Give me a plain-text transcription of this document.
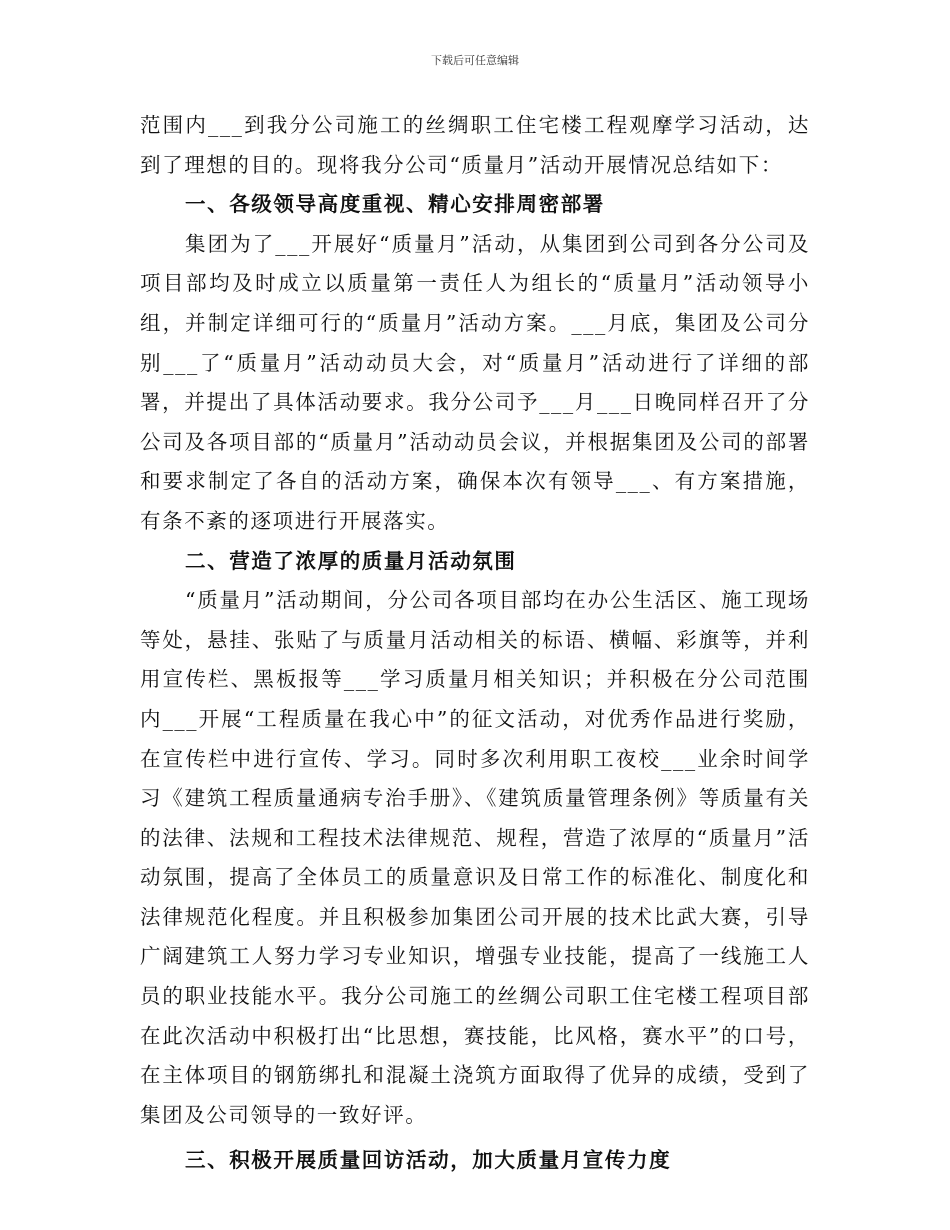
下载后可任意编辑

范围内___到我分公司施工的丝绸职工住宅楼工程观摩学习活动，达到了理想的目的。现将我分公司“质量月”活动开展情况总结如下：

一、各级领导高度重视、精心安排周密部署

集团为了___开展好“质量月”活动，从集团到公司到各分公司及项目部均及时成立以质量第一责任人为组长的“质量月”活动领导小组，并制定详细可行的“质量月”活动方案。___月底，集团及公司分别___了“质量月”活动动员大会，对“质量月”活动进行了详细的部署，并提出了具体活动要求。我分公司予___月___日晚同样召开了分公司及各项目部的“质量月”活动动员会议，并根据集团及公司的部署和要求制定了各自的活动方案，确保本次有领导___、有方案措施，有条不紊的逐项进行开展落实。

二、营造了浓厚的质量月活动氛围

“质量月”活动期间，分公司各项目部均在办公生活区、施工现场等处，悬挂、张贴了与质量月活动相关的标语、横幅、彩旗等，并利用宣传栏、黑板报等___学习质量月相关知识；并积极在分公司范围内___开展“工程质量在我心中”的征文活动，对优秀作品进行奖励，在宣传栏中进行宣传、学习。同时多次利用职工夜校___业余时间学习《建筑工程质量通病专治手册》、《建筑质量管理条例》等质量有关的法律、法规和工程技术法律规范、规程，营造了浓厚的“质量月”活动氛围，提高了全体员工的质量意识及日常工作的标准化、制度化和法律规范化程度。并且积极参加集团公司开展的技术比武大赛，引导广阔建筑工人努力学习专业知识，增强专业技能，提高了一线施工人员的职业技能水平。我分公司施工的丝绸公司职工住宅楼工程项目部在此次活动中积极打出“比思想，赛技能，比风格，赛水平”的口号，在主体项目的钢筋绑扎和混凝土浇筑方面取得了优异的成绩，受到了集团及公司领导的一致好评。

三、积极开展质量回访活动，加大质量月宣传力度
